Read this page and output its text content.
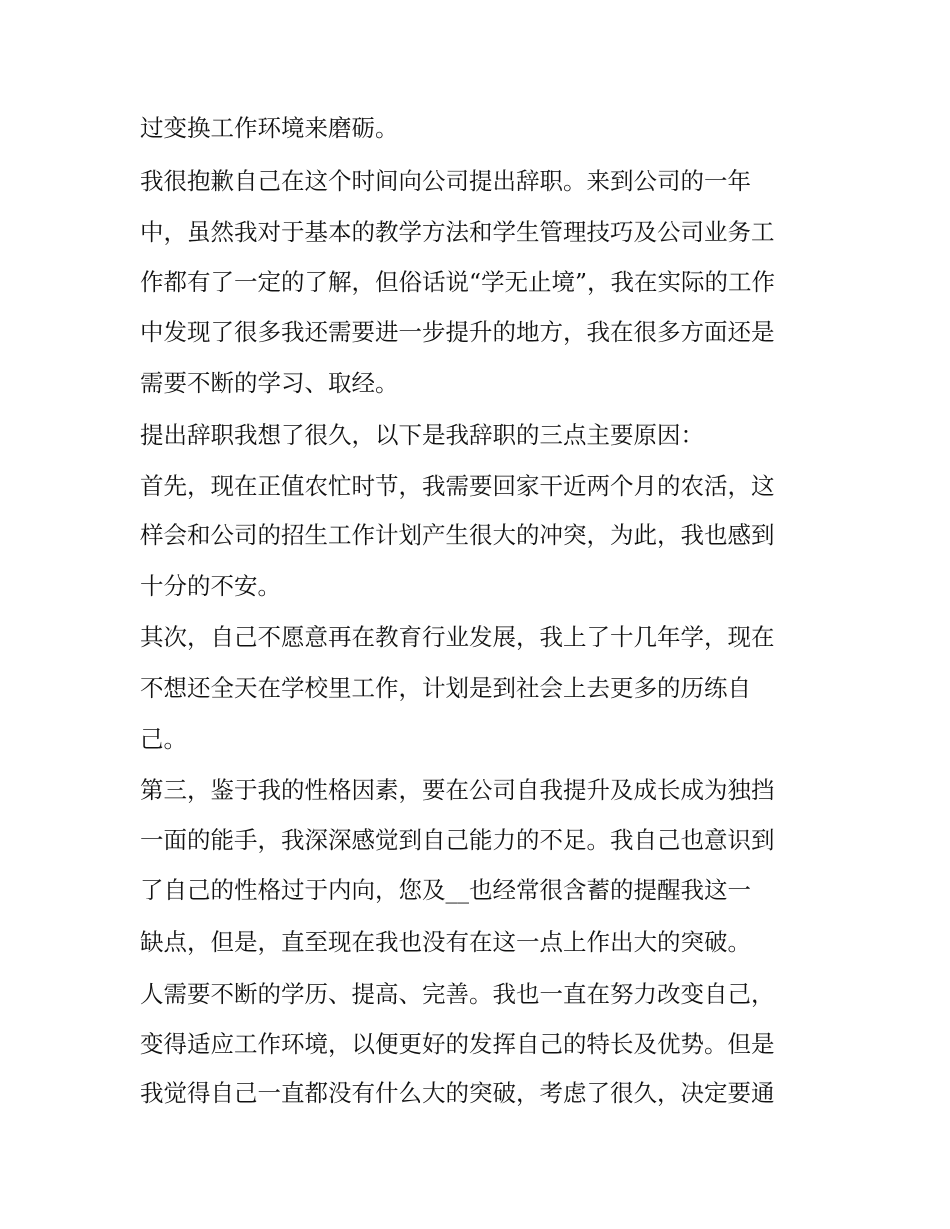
过变换工作环境来磨砺。
我很抱歉自己在这个时间向公司提出辞职。来到公司的一年
中，虽然我对于基本的教学方法和学生管理技巧及公司业务工
作都有了一定的了解，但俗话说“学无止境”，我在实际的工作
中发现了很多我还需要进一步提升的地方，我在很多方面还是
需要不断的学习、取经。
提出辞职我想了很久，以下是我辞职的三点主要原因：
首先，现在正值农忙时节，我需要回家干近两个月的农活，这
样会和公司的招生工作计划产生很大的冲突，为此，我也感到
十分的不安。
其次，自己不愿意再在教育行业发展，我上了十几年学，现在
不想还全天在学校里工作，计划是到社会上去更多的历练自
己。
第三，鉴于我的性格因素，要在公司自我提升及成长成为独挡
一面的能手，我深深感觉到自己能力的不足。我自己也意识到
了自己的性格过于内向，您及__也经常很含蓄的提醒我这一
缺点，但是，直至现在我也没有在这一点上作出大的突破。
人需要不断的学历、提高、完善。我也一直在努力改变自己，
变得适应工作环境，以便更好的发挥自己的特长及优势。但是
我觉得自己一直都没有什么大的突破，考虑了很久，决定要通
